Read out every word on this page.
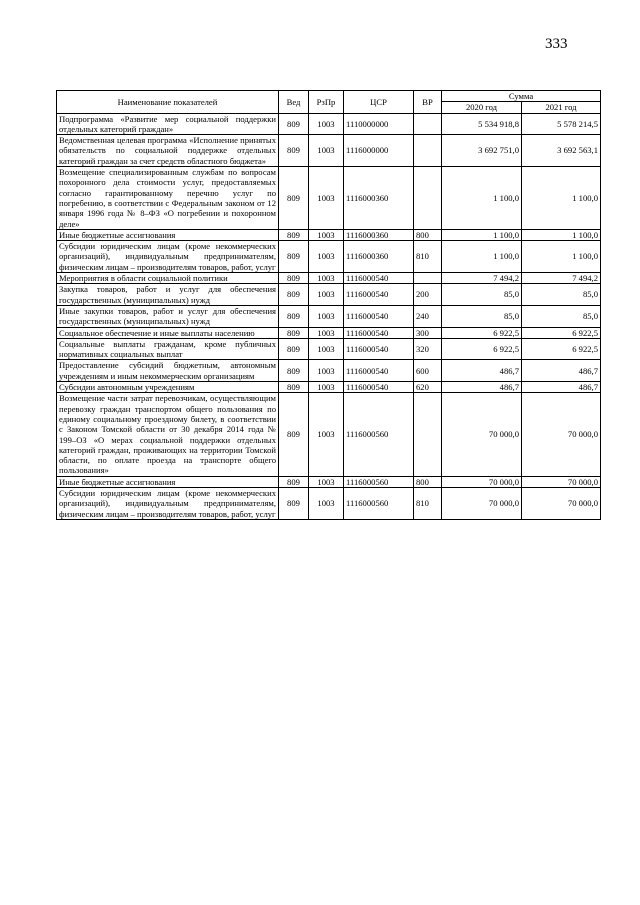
333
Наименование показателей	Вед	РзПр	ЦСР	ВР	Сумма	
					2020 год	2021 год
Подпрограмма «Развитие мер социальной поддержки отдельных категорий граждан»	809	1003	1110000000		5 534 918,8	5 578 214,5
Ведомственная целевая программа «Исполнение принятых обязательств по социальной поддержке отдельных категорий граждан за счет средств областного бюджета»	809	1003	1116000000		3 692 751,0	3 692 563,1
Возмещение специализированным службам по вопросам похоронного дела стоимости услуг, предоставляемых согласно гарантированному перечню услуг по погребению, в соответствии с Федеральным законом от 12 января 1996 года № 8–ФЗ «О погребении и похоронном деле»	809	1003	1116000360		1 100,0	1 100,0
Иные бюджетные ассигнования	809	1003	1116000360	800	1 100,0	1 100,0
Субсидии юридическим лицам (кроме некоммерческих организаций), индивидуальным предпринимателям, физическим лицам – производителям товаров, работ, услуг	809	1003	1116000360	810	1 100,0	1 100,0
Мероприятия в области социальной политики	809	1003	1116000540		7 494,2	7 494,2
Закупка товаров, работ и услуг для обеспечения государственных (муниципальных) нужд	809	1003	1116000540	200	85,0	85,0
Иные закупки товаров, работ и услуг для обеспечения государственных (муниципальных) нужд	809	1003	1116000540	240	85,0	85,0
Социальное обеспечение и иные выплаты населению	809	1003	1116000540	300	6 922,5	6 922,5
Социальные выплаты гражданам, кроме публичных нормативных социальных выплат	809	1003	1116000540	320	6 922,5	6 922,5
Предоставление субсидий бюджетным, автономным учреждениям и иным некоммерческим организациям	809	1003	1116000540	600	486,7	486,7
Субсидии автономным учреждениям	809	1003	1116000540	620	486,7	486,7
Возмещение части затрат перевозчикам, осуществляющим перевозку граждан транспортом общего пользования по единому социальному проездному билету, в соответствии с Законом Томской области от 30 декабря 2014 года № 199–ОЗ «О мерах социальной поддержки отдельных категорий граждан, проживающих на территории Томской области, по оплате проезда на транспорте общего пользования»	809	1003	1116000560		70 000,0	70 000,0
Иные бюджетные ассигнования	809	1003	1116000560	800	70 000,0	70 000,0
Субсидии юридическим лицам (кроме некоммерческих организаций), индивидуальным предпринимателям, физическим лицам – производителям товаров, работ, услуг	809	1003	1116000560	810	70 000,0	70 000,0
